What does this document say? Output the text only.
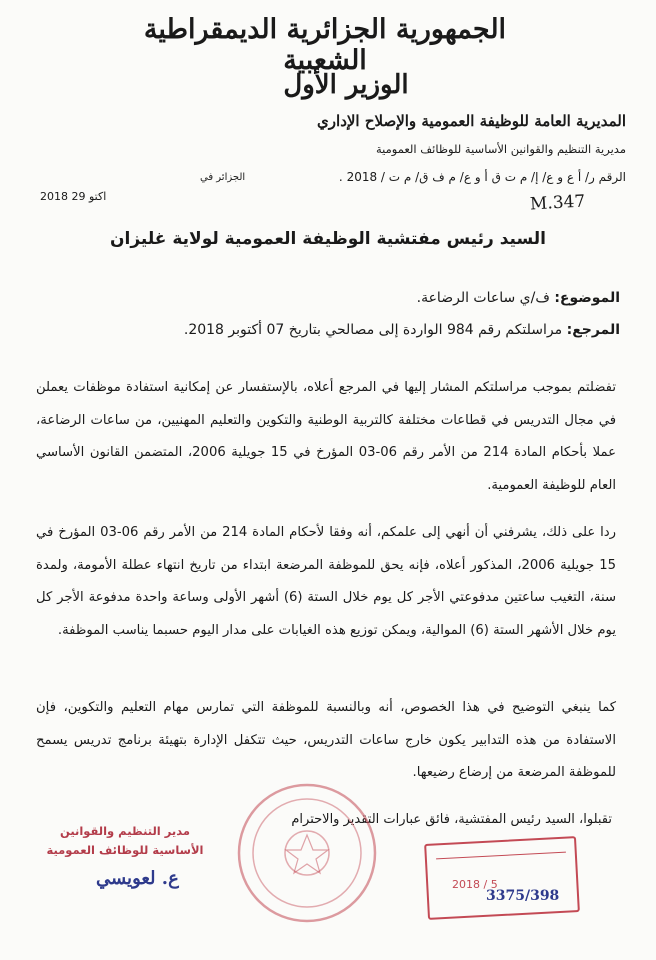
الجمهورية الجزائرية الديمقراطية الشعبية
الوزير الأول
المديرية العامة للوظيفة العمومية والإصلاح الإداري
مديرية التنظيم والقوانين الأساسية للوظائف العمومية
الرقم ر/ أ ع و ع/ إ/ م ت ق أ و ع/ م ف ق/ م ت / 2018 .
الجزائر في
2018 اكتو 29	M.347
السيد رئيس مفتشية الوظيفة العمومية لولاية غليزان
الموضوع: ف/ي ساعات الرضاعة.
المرجع: مراسلتكم رقم 984 الواردة إلى مصالحي بتاريخ 07 أكتوبر 2018.
تفضلتم بموجب مراسلتكم المشار إليها في المرجع أعلاه، بالإستفسار عن إمكانية استفادة موظفات يعملن في مجال التدريس في قطاعات مختلفة كالتربية الوطنية والتكوين والتعليم المهنيين، من ساعات الرضاعة، عملا بأحكام المادة 214 من الأمر رقم 06-03 المؤرخ في 15 جويلية 2006، المتضمن القانون الأساسي العام للوظيفة العمومية.
ردا على ذلك، يشرفني أن أنهي إلى علمكم، أنه وفقا لأحكام المادة 214 من الأمر رقم 06-03 المؤرخ في 15 جويلية 2006، المذكور أعلاه، فإنه يحق للموظفة المرضعة ابتداء من تاريخ انتهاء عطلة الأمومة، ولمدة سنة، التغيب ساعتين مدفوعتي الأجر كل يوم خلال الستة (6) أشهر الأولى وساعة واحدة مدفوعة الأجر كل يوم خلال الأشهر الستة (6) الموالية، ويمكن توزيع هذه الغيابات على مدار اليوم حسبما يناسب الموظفة.
كما ينبغي التوضيح في هذا الخصوص، أنه وبالنسبة للموظفة التي تمارس مهام التعليم والتكوين، فإن الاستفادة من هذه التدابير يكون خارج ساعات التدريس، حيث تتكفل الإدارة بتهيئة برنامج تدريس يسمح للموظفة المرضعة من إرضاع رضيعها.
تقبلوا، السيد رئيس المفتشية، فائق عبارات التقدير والاحترام
مدير التنظيم والقوانين الأساسية للوظائف العمومية
ع. لعويسي	2018 / 5
3375/398
